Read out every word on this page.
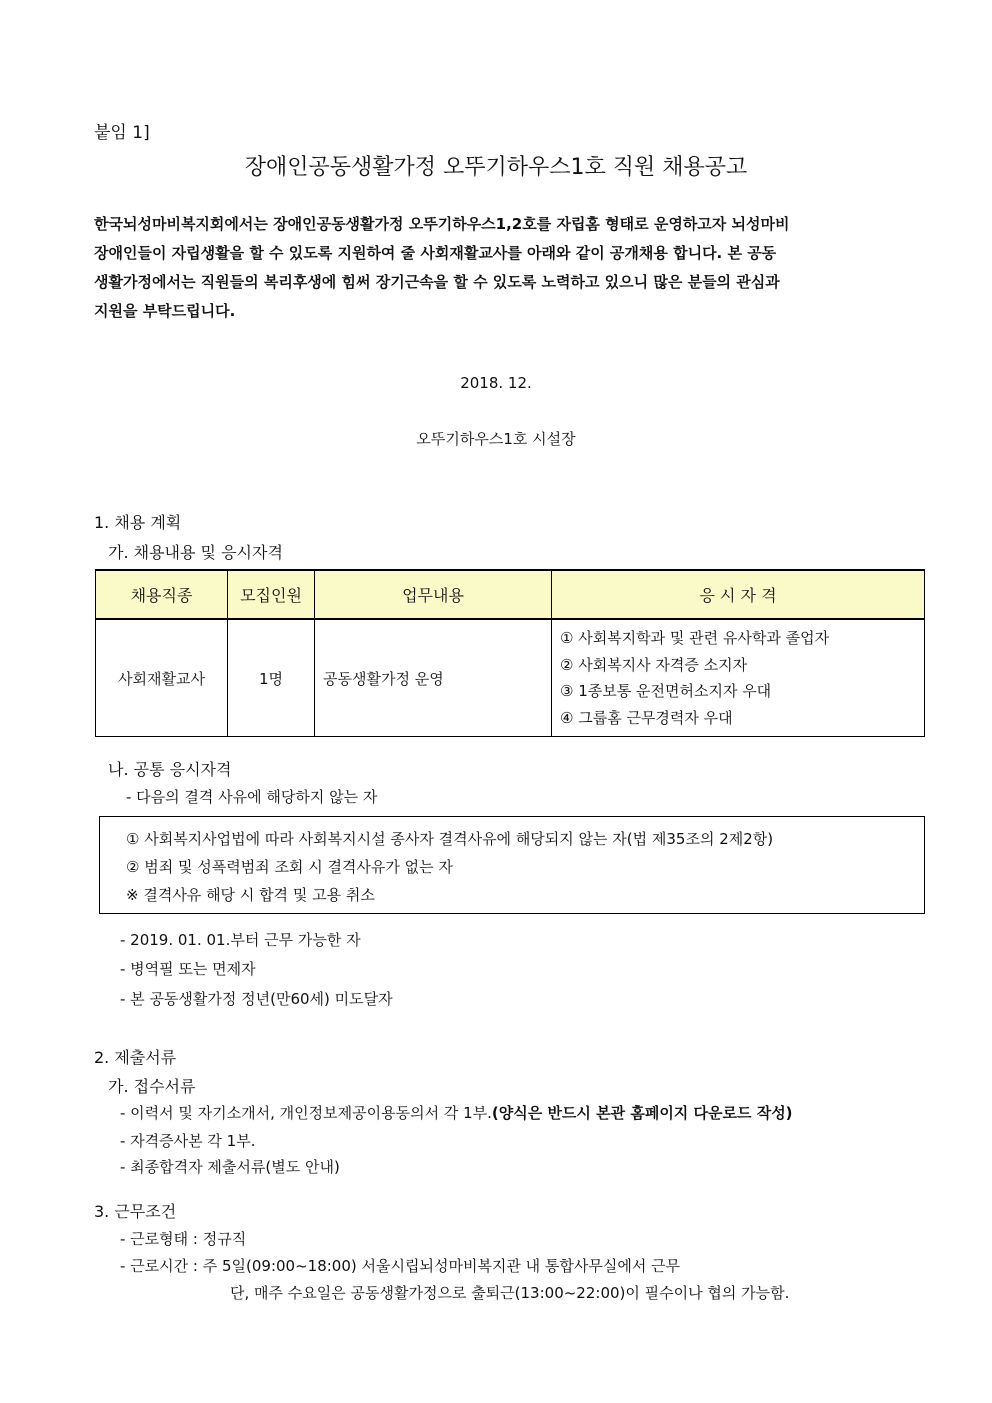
붙임 1]
장애인공동생활가정 오뚜기하우스1호 직원 채용공고

한국뇌성마비복지회에서는 장애인공동생활가정 오뚜기하우스1,2호를 자립홈 형태로 운영하고자 뇌성마비

장애인들이 자립생활을 할 수 있도록 지원하여 줄 사회재활교사를 아래와 같이 공개채용 합니다. 본 공동

생활가정에서는 직원들의 복리후생에 힘써 장기근속을 할 수 있도록 노력하고 있으니 많은 분들의 관심과

지원을 부탁드립니다.

2018. 12.
오뚜기하우스1호 시설장
1. 채용 계획
가. 채용내용 및 응시자격
채용직종	모집인원	업무내용	응 시 자 격
사회재활교사	1명	공동생활가정 운영	① 사회복지학과 및 관련 유사학과 졸업자
② 사회복지사 자격증 소지자
③ 1종보통 운전면허소지자 우대
④ 그룹홈 근무경력자 우대
나. 공통 응시자격
- 다음의 결격 사유에 해당하지 않는 자
① 사회복지사업법에 따라 사회복지시설 종사자 결격사유에 해당되지 않는 자(법 제35조의 2제2항)
② 범죄 및 성폭력범죄 조회 시 결격사유가 없는 자
※ 결격사유 해당 시 합격 및 고용 취소
- 2019. 01. 01.부터 근무 가능한 자
- 병역필 또는 면제자
- 본 공동생활가정 정년(만60세) 미도달자
2. 제출서류
가. 접수서류
- 이력서 및 자기소개서, 개인정보제공이용동의서 각 1부.(양식은 반드시 본관 홈페이지 다운로드 작성)
- 자격증사본 각 1부.
- 최종합격자 제출서류(별도 안내)
3. 근무조건
- 근로형태 : 정규직
- 근로시간 : 주 5일(09:00~18:00) 서울시립뇌성마비복지관 내 통합사무실에서 근무
단, 매주 수요일은 공동생활가정으로 출퇴근(13:00~22:00)이 필수이나 협의 가능함.
